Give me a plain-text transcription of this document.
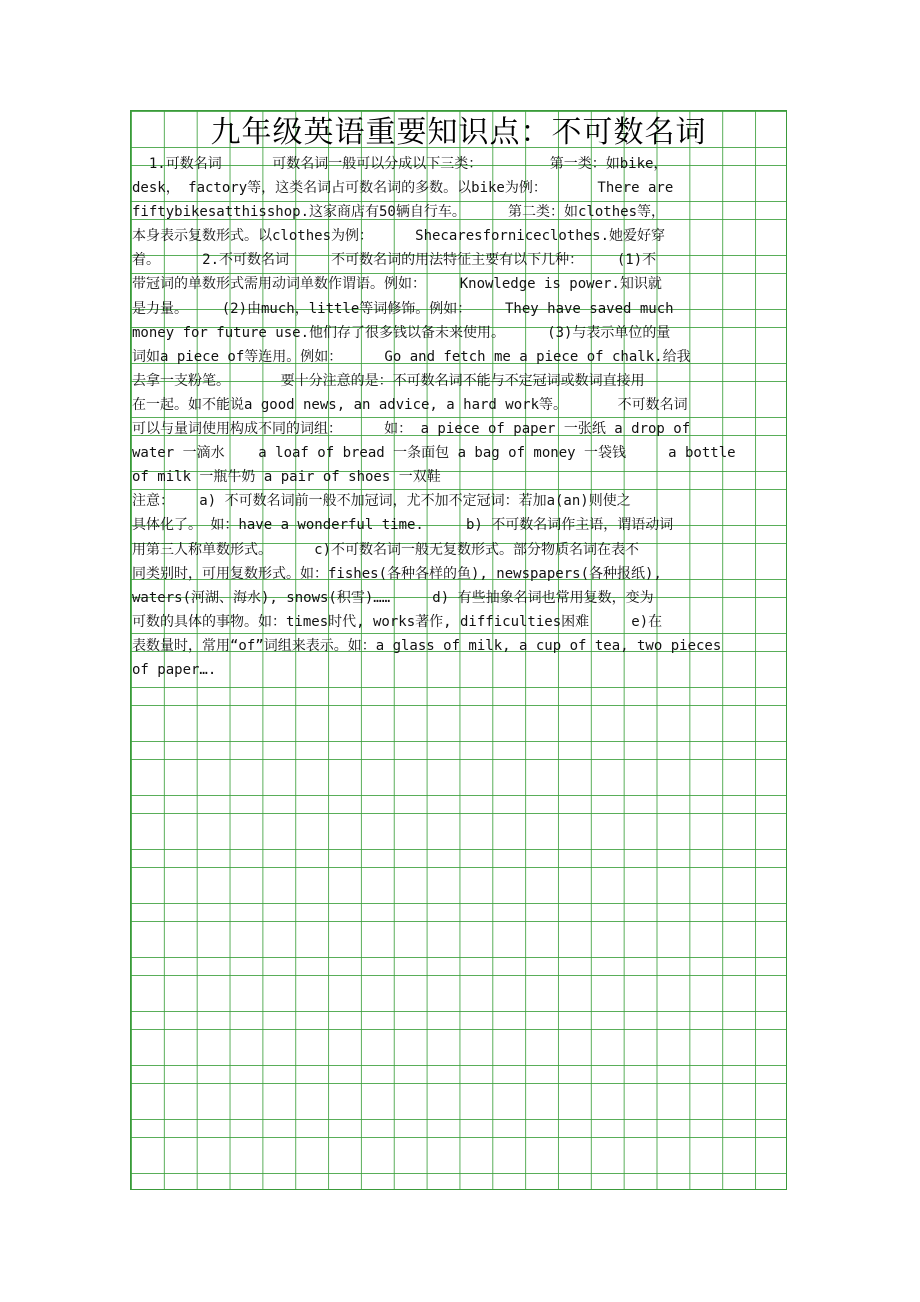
九年级英语重要知识点：不可数名词

1.可数名词      可数名词一般可以分成以下三类：        第一类：如bike，

desk， factory等，这类名词占可数名词的多数。以bike为例：      There are

fiftybikesatthisshop.这家商店有50辆自行车。     第二类：如clothes等，

本身表示复数形式。以clothes为例：     Shecaresforniceclothes.她爱好穿

着。     2.不可数名词     不可数名词的用法特征主要有以下几种：    (1)不

带冠词的单数形式需用动词单数作谓语。例如：    Knowledge is power.知识就

是力量。    (2)由much，little等词修饰。例如：    They have saved much

money for future use.他们存了很多钱以备未来使用。     (3)与表示单位的量

词如a piece of等连用。例如：     Go and fetch me a piece of chalk.给我

去拿一支粉笔。      要十分注意的是：不可数名词不能与不定冠词或数词直接用

在一起。如不能说a good news, an advice, a hard work等。      不可数名词

可以与量词使用构成不同的词组：     如： a piece of paper 一张纸 a drop of

water 一滴水    a loaf of bread 一条面包 a bag of money 一袋钱     a bottle

of milk 一瓶牛奶 a pair of shoes 一双鞋

注意：   a) 不可数名词前一般不加冠词，尤不加不定冠词：若加a(an)则使之

具体化了。 如：have a wonderful time.     b) 不可数名词作主语，谓语动词

用第三人称单数形式。     c)不可数名词一般无复数形式。部分物质名词在表不

同类别时，可用复数形式。如：fishes(各种各样的鱼), newspapers(各种报纸),

waters(河湖、海水), snows(积雪)……     d) 有些抽象名词也常用复数，变为

可数的具体的事物。如：times时代, works著作, difficulties困难     e)在

表数量时，常用“of”词组来表示。如：a glass of milk, a cup of tea, two pieces

of paper….
